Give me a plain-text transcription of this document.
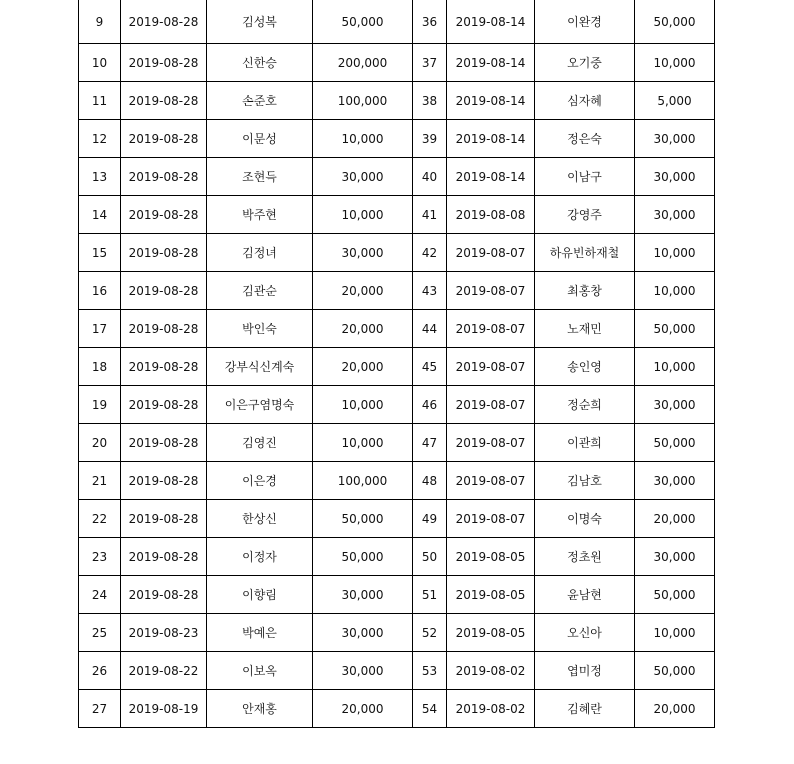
9	2019-08-28	김성복	50,000	36	2019-08-14	이완경	50,000
10	2019-08-28	신한승	200,000	37	2019-08-14	오기중	10,000
11	2019-08-28	손준호	100,000	38	2019-08-14	심자혜	5,000
12	2019-08-28	이문성	10,000	39	2019-08-14	정은숙	30,000
13	2019-08-28	조현득	30,000	40	2019-08-14	이남구	30,000
14	2019-08-28	박주현	10,000	41	2019-08-08	강영주	30,000
15	2019-08-28	김정녀	30,000	42	2019-08-07	하유빈하재철	10,000
16	2019-08-28	김관순	20,000	43	2019-08-07	최홍창	10,000
17	2019-08-28	박인숙	20,000	44	2019-08-07	노재민	50,000
18	2019-08-28	강부식신계숙	20,000	45	2019-08-07	송인영	10,000
19	2019-08-28	이은구염명숙	10,000	46	2019-08-07	정순희	30,000
20	2019-08-28	김영진	10,000	47	2019-08-07	이관희	50,000
21	2019-08-28	이은경	100,000	48	2019-08-07	김남호	30,000
22	2019-08-28	한상신	50,000	49	2019-08-07	이명숙	20,000
23	2019-08-28	이정자	50,000	50	2019-08-05	정초원	30,000
24	2019-08-28	이향림	30,000	51	2019-08-05	윤남현	50,000
25	2019-08-23	박예은	30,000	52	2019-08-05	오신아	10,000
26	2019-08-22	이보옥	30,000	53	2019-08-02	엽미정	50,000
27	2019-08-19	안재홍	20,000	54	2019-08-02	김혜란	20,000
